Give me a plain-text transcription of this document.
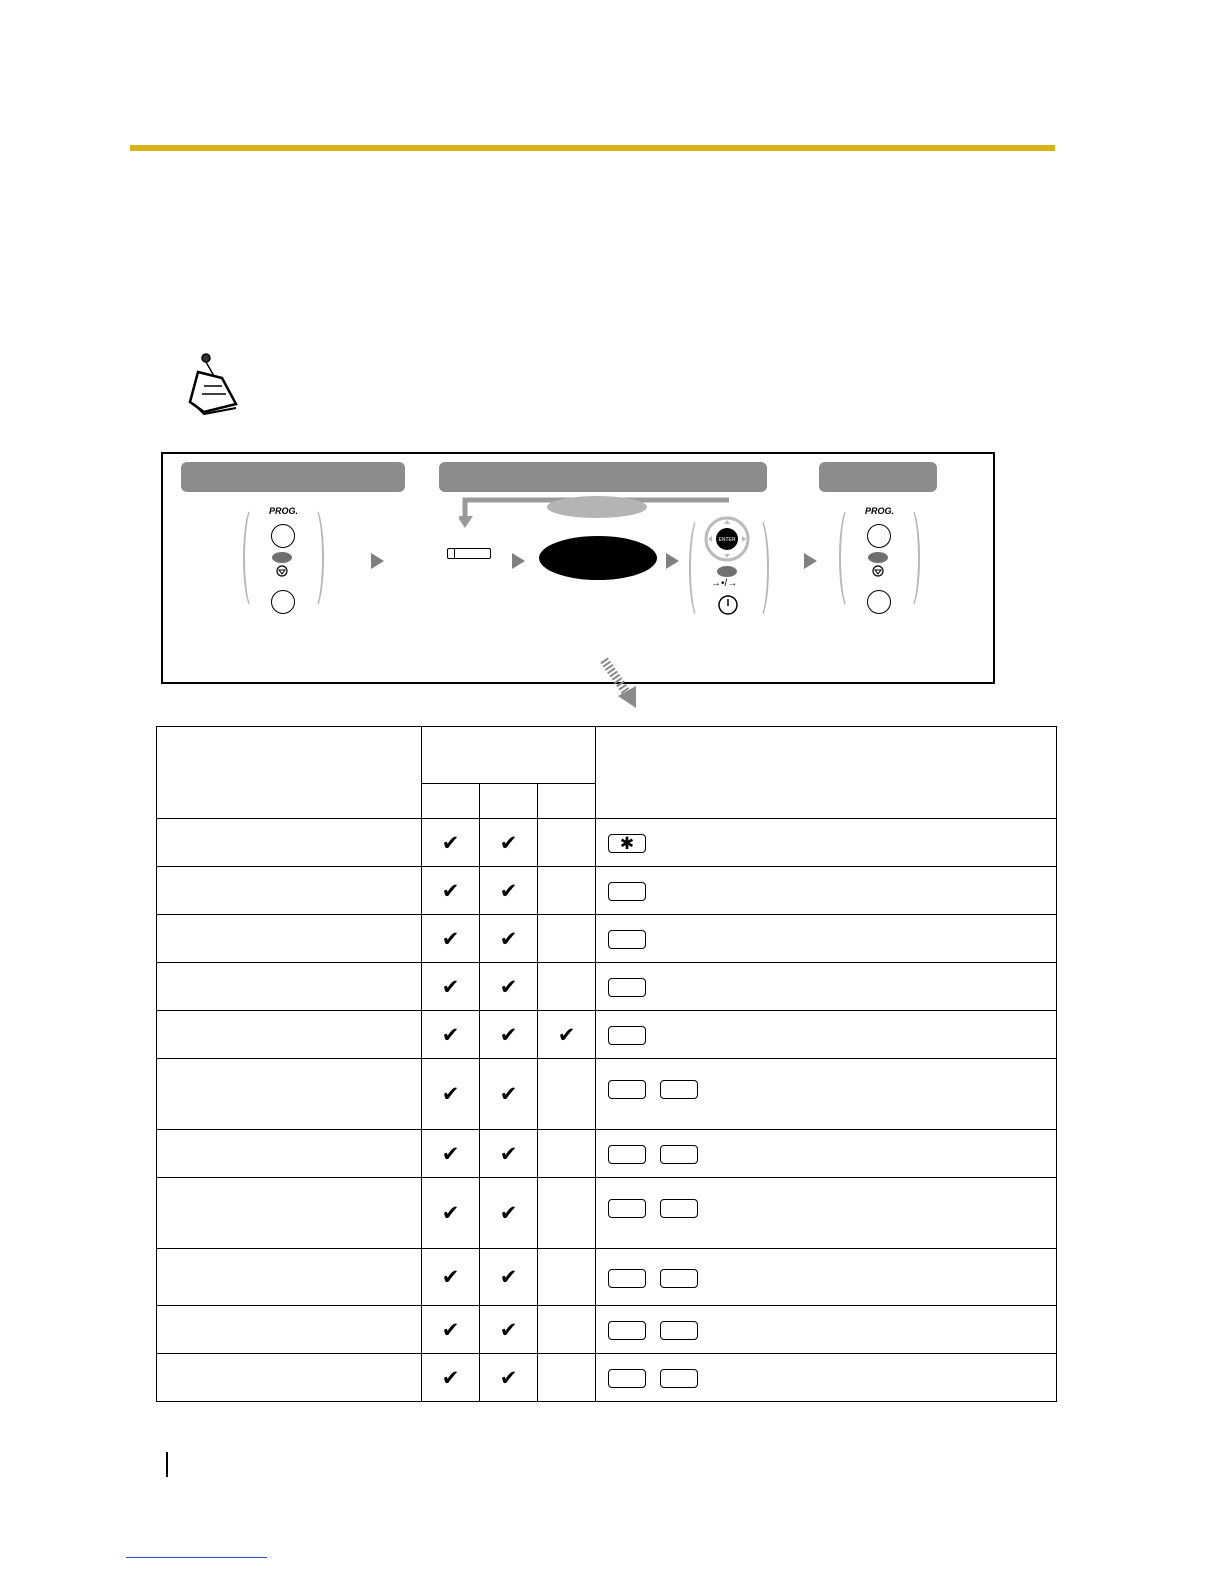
PROG.
ENTER
→•/→
PROG.

	✔	✔		✱
	✔	✔		
	✔	✔		
	✔	✔		
	✔	✔	✔	
	✔	✔		
	✔	✔		
	✔	✔		
	✔	✔		
	✔	✔		
	✔	✔		
